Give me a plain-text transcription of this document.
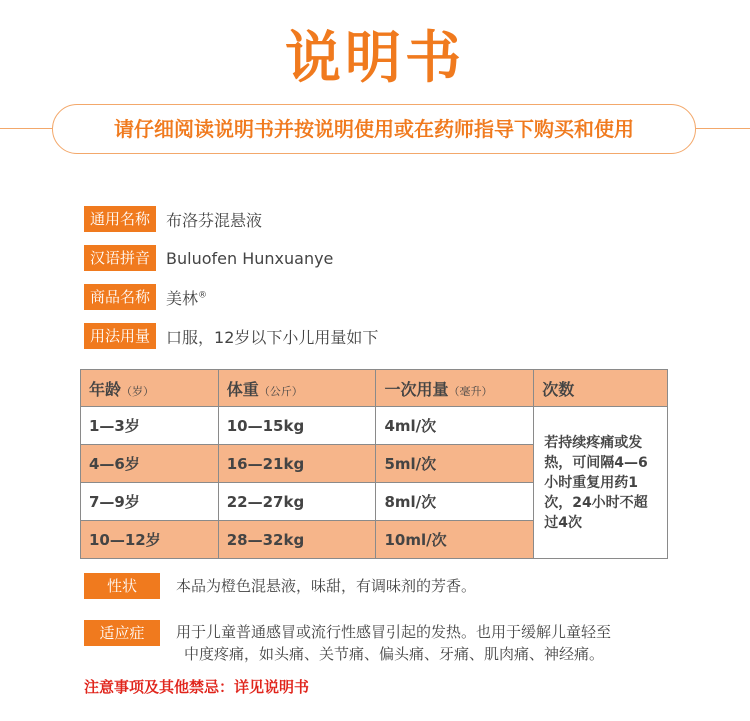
说明书
请仔细阅读说明书并按说明使用或在药师指导下购买和使用
通用名称	布洛芬混悬液
汉语拼音	Buluofen Hunxuanye
商品名称	美林®
用法用量	口服，12岁以下小儿用量如下
年龄（岁）	体重（公斤）	一次用量（毫升）	次数
1—3岁	10—15kg	4ml/次	若持续疼痛或发热，可间隔4—6小时重复用药1次，24小时不超过4次
4—6岁	16—21kg	5ml/次	
7—9岁	22—27kg	8ml/次	
10—12岁	28—32kg	10ml/次	
性状	本品为橙色混悬液，味甜，有调味剂的芳香。
适应症	用于儿童普通感冒或流行性感冒引起的发热。也用于缓解儿童轻至
中度疼痛，如头痛、关节痛、偏头痛、牙痛、肌肉痛、神经痛。
注意事项及其他禁忌：详见说明书
